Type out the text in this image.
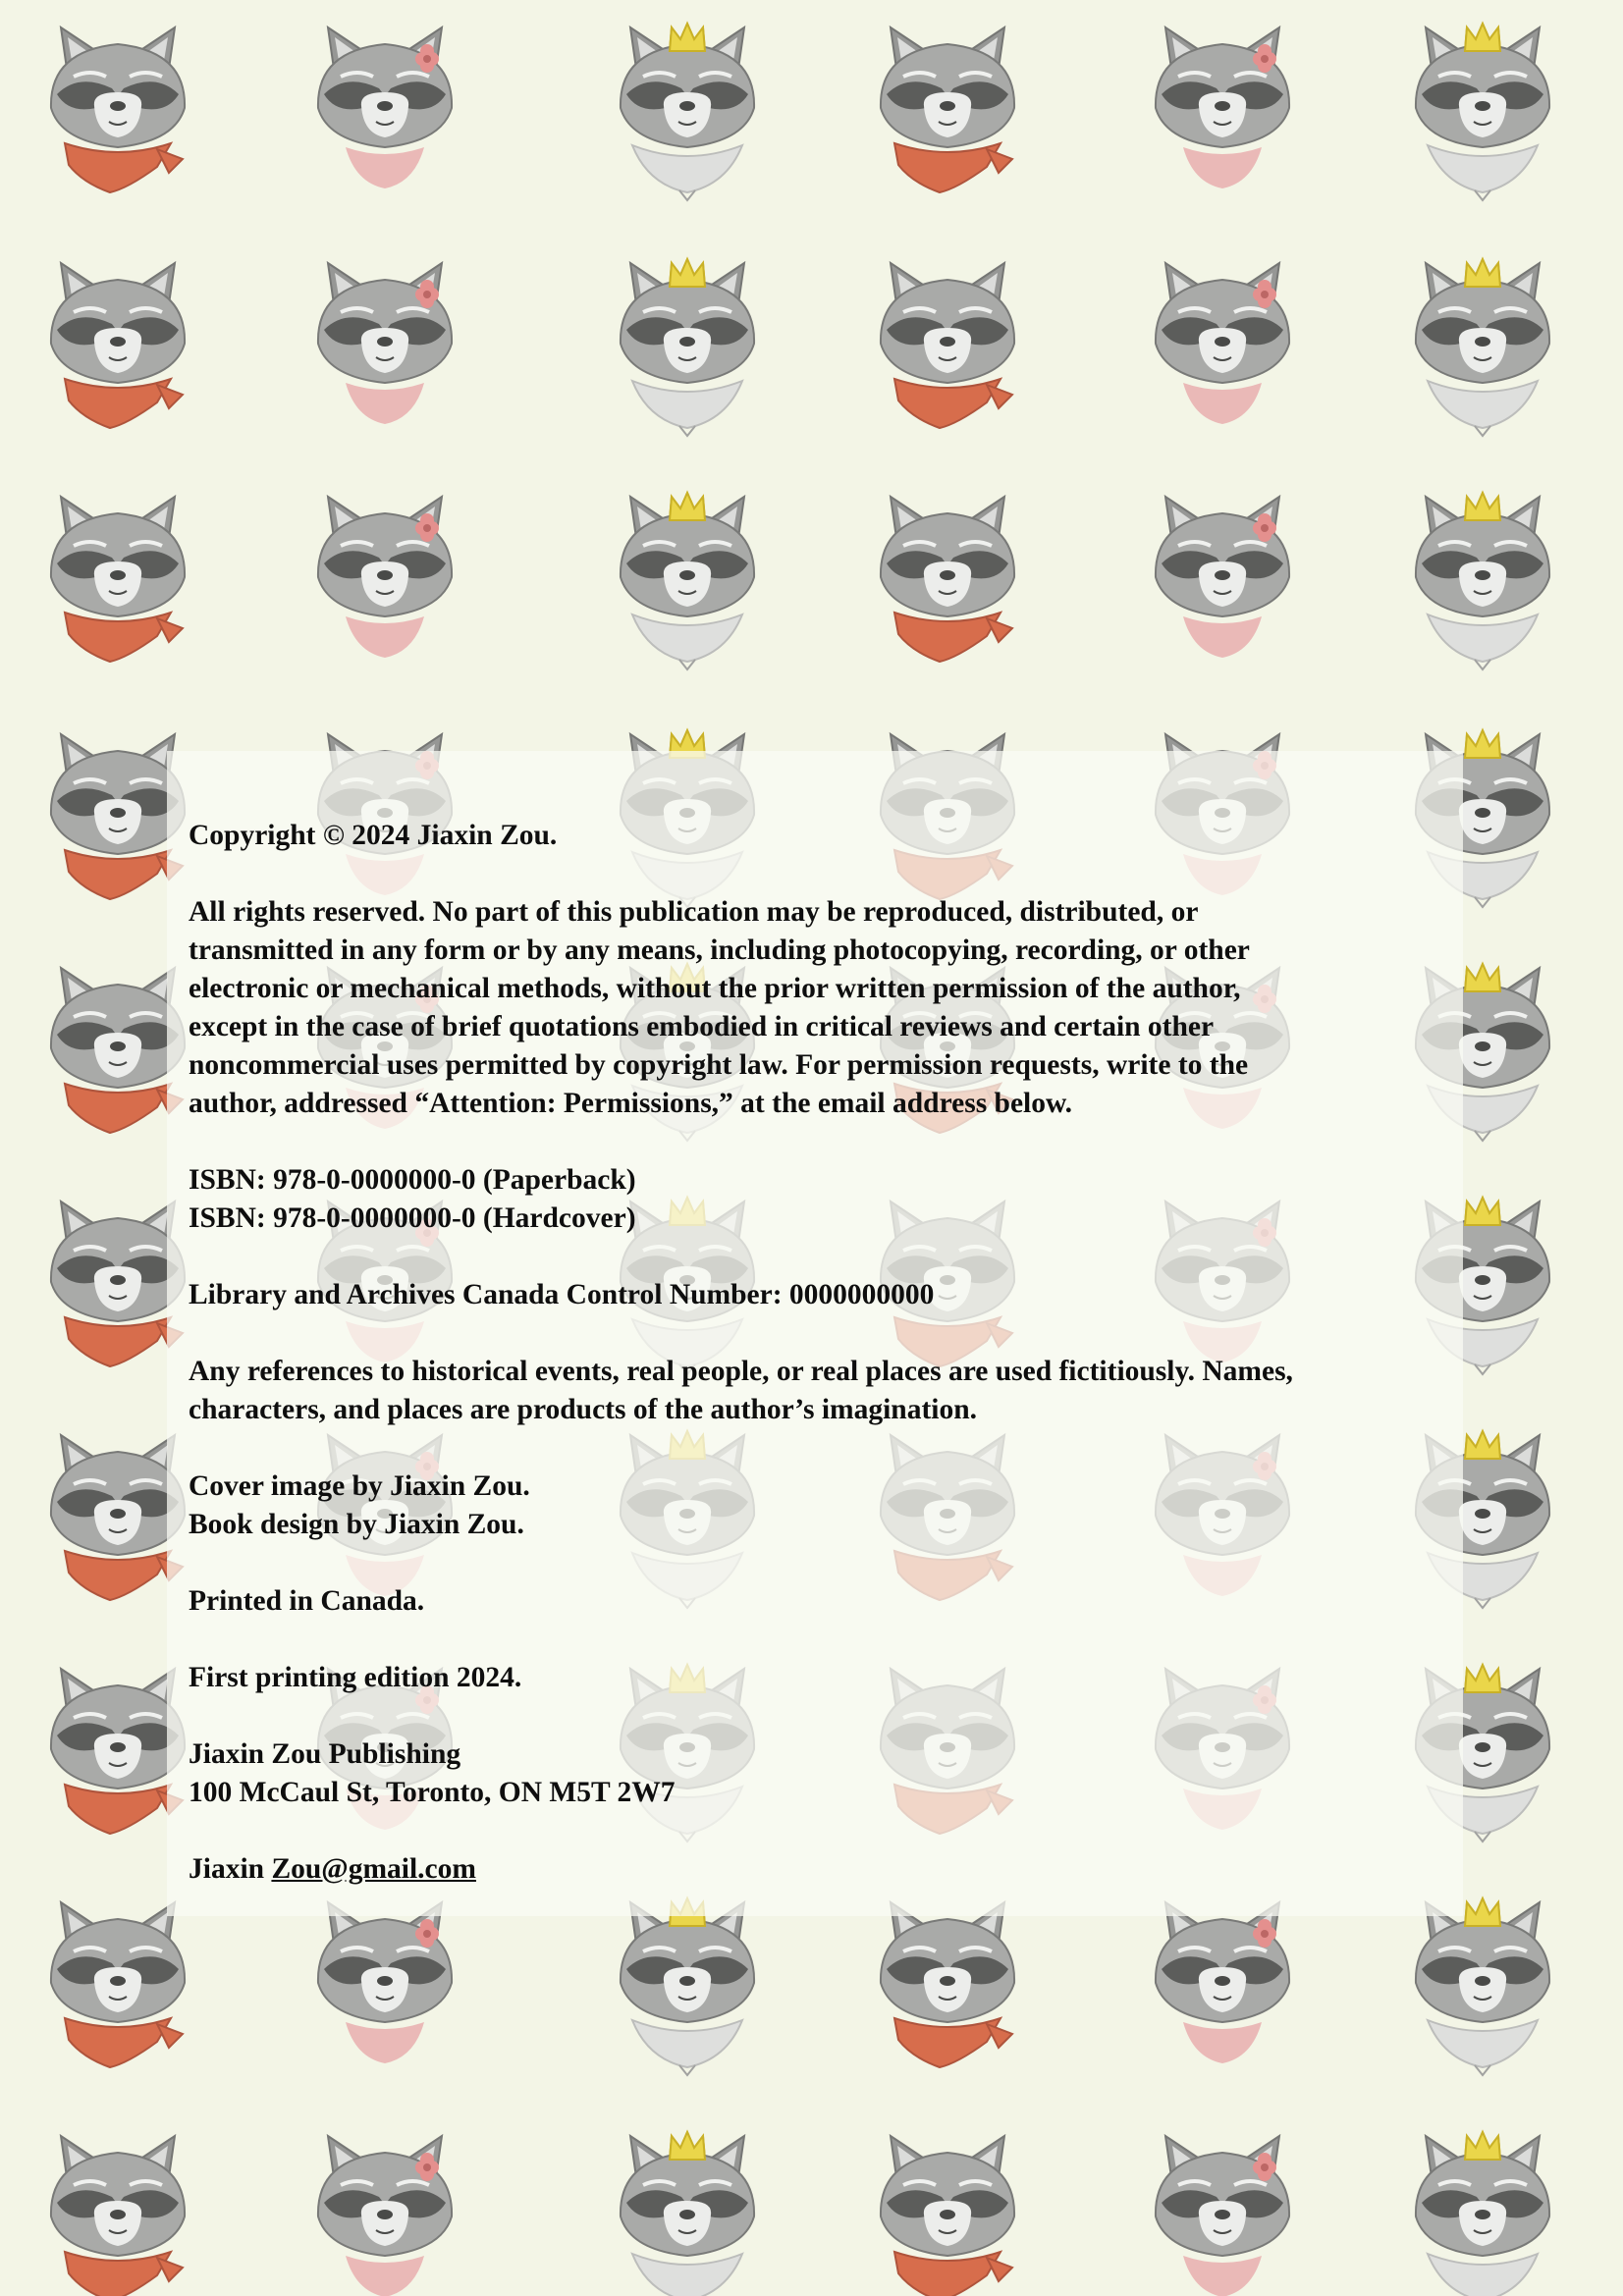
Copyright © 2024 Jiaxin Zou.

All rights reserved. No part of this publication may be reproduced, distributed, or
transmitted in any form or by any means, including photocopying, recording, or other
electronic or mechanical methods, without the prior written permission of the author,
except in the case of brief quotations embodied in critical reviews and certain other
noncommercial uses permitted by copyright law. For permission requests, write to the
author, addressed “Attention: Permissions,” at the email address below.

ISBN: 978-0-0000000-0 (Paperback)
ISBN: 978-0-0000000-0 (Hardcover)

Library and Archives Canada Control Number: 0000000000

Any references to historical events, real people, or real places are used fictitiously. Names,
characters, and places are products of the author’s imagination.

Cover image by Jiaxin Zou.
Book design by Jiaxin Zou.

Printed in Canada.

First printing edition 2024.

Jiaxin Zou Publishing
100 McCaul St, Toronto, ON M5T 2W7

Jiaxin Zou@gmail.com
